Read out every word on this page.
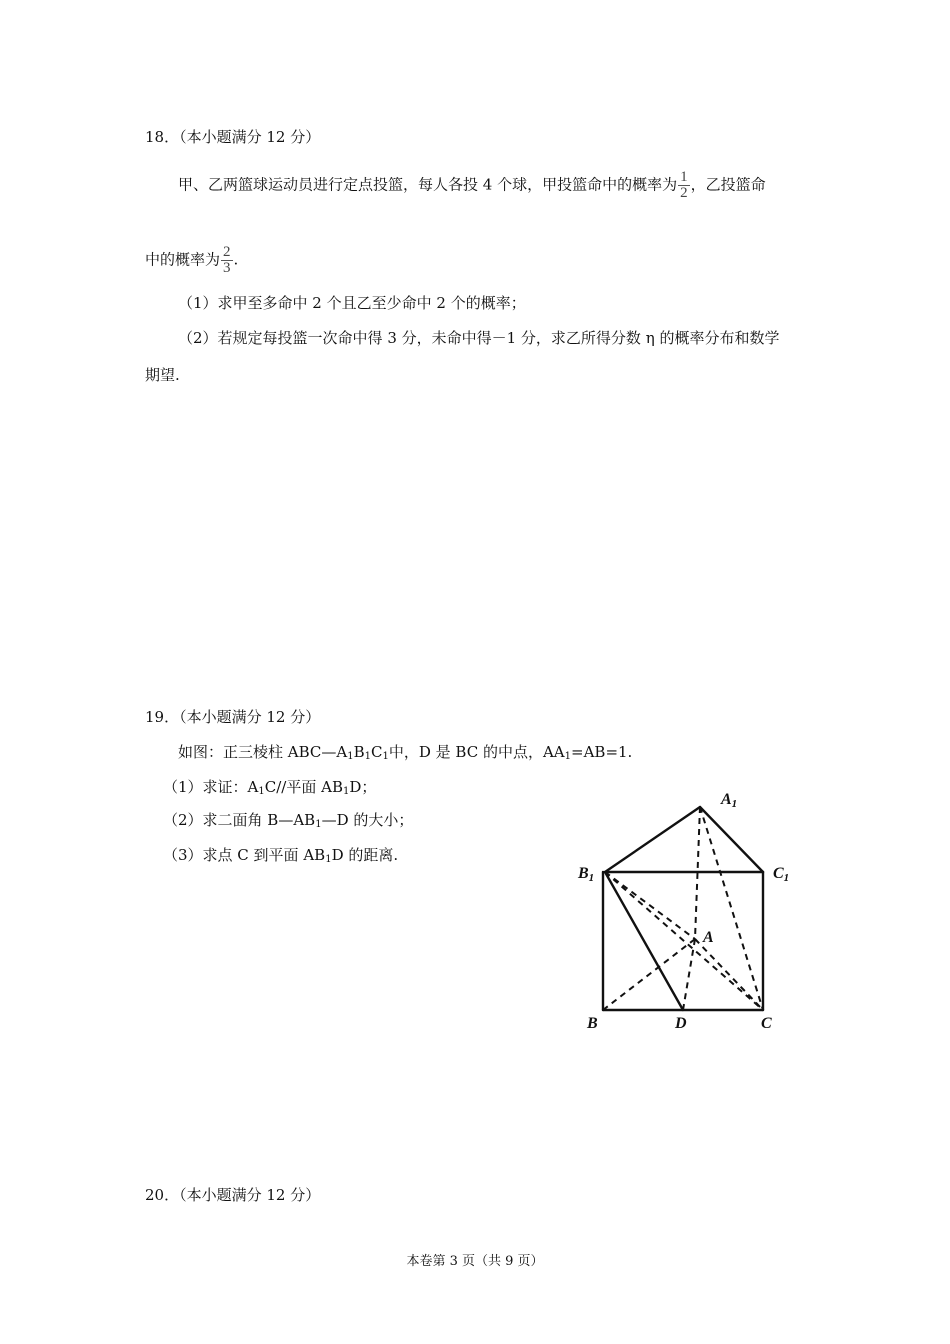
18．（本小题满分 12 分）
甲、乙两篮球运动员进行定点投篮，每人各投 4 个球，甲投篮命中的概率为 $\frac{1}{2}$ ，乙投篮命
中的概率为 $\frac{2}{3}$ .
（1）求甲至多命中 2 个且乙至少命中 2 个的概率；
（2）若规定每投篮一次命中得 3 分，未命中得－1 分，求乙所得分数 η 的概率分布和数学
期望.
19．（本小题满分 12 分）
如图：正三棱柱 $ABC—A_1B_1C_1$中，D 是 BC 的中点，$AA_1=AB=1$.
（1）求证：$A_1C//$平面 $AB_1D$；
（2）求二面角 $B—AB_1—D$ 的大小；
（3）求点 C 到平面 $AB_1D$ 的距离.
A1
B1	C1
A
B	D	C
20．（本小题满分 12 分）
本卷第 3 页（共 9 页）
